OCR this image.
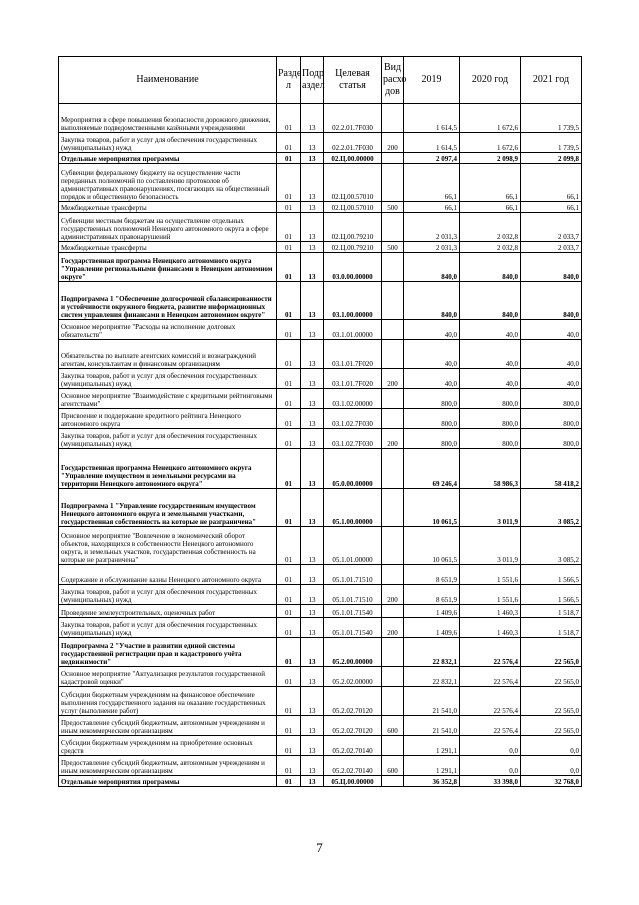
Наименование	Разде л	Подр аздел	Целевая статья	Вид расхо дов	2019	2020 год	2021 год
Мероприятия в сфере повышения безопасности дорожного движения, выполняемые подведомственными казёнными учреждениями	01	13	02.2.01.7F030		1 614,5	1 672,6	1 739,5
Закупка товаров, работ и услуг для обеспечения государственных (муниципальных) нужд	01	13	02.2.01.7F030	200	1 614,5	1 672,6	1 739,5
Отдельные мероприятия программы	01	13	02.Ц.00.00000		2 097,4	2 098,9	2 099,8
Субвенции федеральному бюджету на осуществление части переданных полномочий по составлению протоколов об административных правонарушениях, посягающих на общественный порядок и общественную безопасность	01	13	02.Ц.00.57010		66,1	66,1	66,1
Межбюджетные трансферты	01	13	02.Ц.00.57010	500	66,1	66,1	66,1
Субвенции местным бюджетам на осуществление отдельных государственных полномочий Ненецкого автономного округа в сфере административных правонарушений	01	13	02.Ц.00.79210		2 031,3	2 032,8	2 033,7
Межбюджетные трансферты	01	13	02.Ц.00.79210	500	2 031,3	2 032,8	2 033,7
Государственная программа Ненецкого автономного округа "Управление региональными финансами в Ненецком автономном округе"	01	13	03.0.00.00000		840,0	840,0	840,0
Подпрограмма 1 "Обеспечение долгосрочной сбалансированности и устойчивости окружного бюджета, развитие информационных систем управления финансами в Ненецком автономном округе"	01	13	03.1.00.00000		840,0	840,0	840,0
Основное мероприятие "Расходы на исполнение долговых обязательств"	01	13	03.1.01.00000		40,0	40,0	40,0
Обязательства по выплате агентских комиссий и вознаграждений агентам, консультантам и финансовым организациям	01	13	03.1.01.7F020		40,0	40,0	40,0
Закупка товаров, работ и услуг для обеспечения государственных (муниципальных) нужд	01	13	03.1.01.7F020	200	40,0	40,0	40,0
Основное мероприятие "Взаимодействие с кредитными рейтинговыми агентствами"	01	13	03.1.02.00000		800,0	800,0	800,0
Присвоение и поддержание кредитного рейтинга Ненецкого автономного округа	01	13	03.1.02.7F030		800,0	800,0	800,0
Закупка товаров, работ и услуг для обеспечения государственных (муниципальных) нужд	01	13	03.1.02.7F030	200	800,0	800,0	800,0
Государственная программа Ненецкого автономного округа "Управление имуществом и земельными ресурсами на территории Ненецкого автономного округа"	01	13	05.0.00.00000		69 246,4	58 986,3	58 418,2
Подпрограмма 1 "Управление государственным имуществом Ненецкого автономного округа и земельными участками, государственная собственность на которые не разграничена"	01	13	05.1.00.00000		10 061,5	3 011,9	3 085,2
Основное мероприятие "Вовлечение в экономический оборот объектов, находящихся в собственности Ненецкого автономного округа, и земельных участков, государственная собственность на которые не разграничена"	01	13	05.1.01.00000		10 061,5	3 011,9	3 085,2
Содержание и обслуживание казны Ненецкого автономного округа	01	13	05.1.01.71510		8 651,9	1 551,6	1 566,5
Закупка товаров, работ и услуг для обеспечения государственных (муниципальных) нужд	01	13	05.1.01.71510	200	8 651,9	1 551,6	1 566,5
Проведение землеустроительных, оценочных работ	01	13	05.1.01.71540		1 409,6	1 460,3	1 518,7
Закупка товаров, работ и услуг для обеспечения государственных (муниципальных) нужд	01	13	05.1.01.71540	200	1 409,6	1 460,3	1 518,7
Подпрограмма 2 "Участие в развитии единой системы государственной регистрации прав и кадастрового учёта недвижимости"	01	13	05.2.00.00000		22 832,1	22 576,4	22 565,0
Основное мероприятие "Актуализация результатов государственной кадастровой оценки"	01	13	05.2.02.00000		22 832,1	22 576,4	22 565,0
Субсидии бюджетным учреждениям на финансовое обеспечение выполнения государственного задания на оказание государственных услуг (выполнение работ)	01	13	05.2.02.70120		21 541,0	22 576,4	22 565,0
Предоставление субсидий бюджетным, автономным учреждениям и иным некоммерческим организациям	01	13	05.2.02.70120	600	21 541,0	22 576,4	22 565,0
Субсидии бюджетным учреждениям на приобретение основных средств	01	13	05.2.02.70140		1 291,1	0,0	0,0
Предоставление субсидий бюджетным, автономным учреждениям и иным некоммерческим организациям	01	13	05.2.02.70140	600	1 291,1	0,0	0,0
Отдельные мероприятия программы	01	13	05.Ц.00.00000		36 352,8	33 398,0	32 768,0
7
